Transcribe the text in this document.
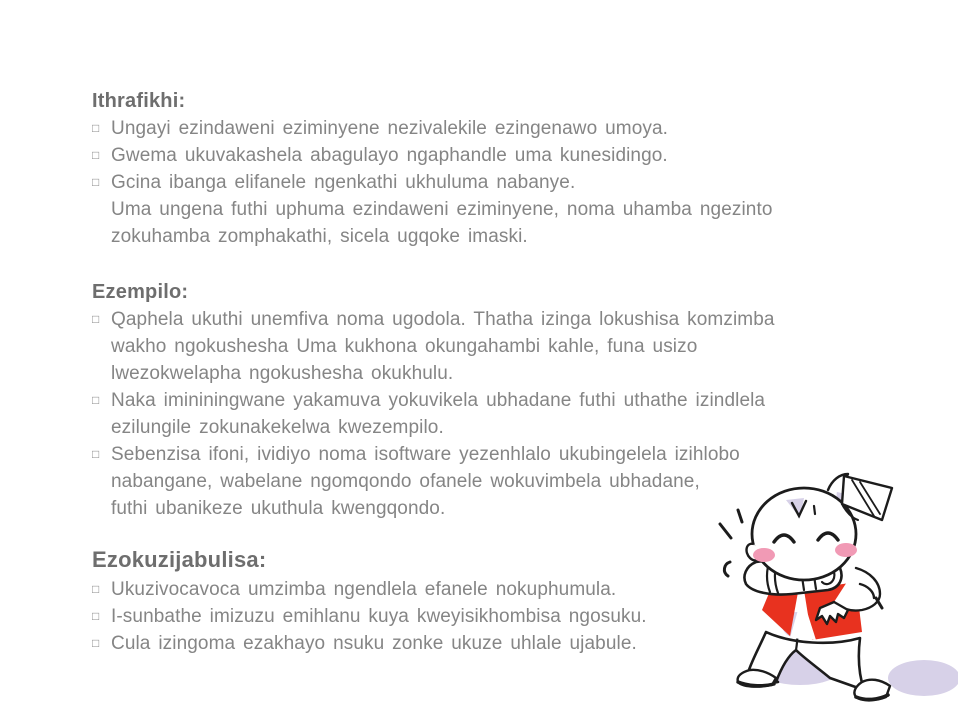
Ithrafikhi:
□ Ungayi ezindaweni eziminyene nezivalekile ezingenawo umoya.
□ Gwema ukuvakashela abagulayo ngaphandle uma kunesidingo.
□ Gcina ibanga elifanele ngenkathi ukhuluma nabanye.
Uma ungena futhi uphuma ezindaweni eziminyene, noma uhamba ngezinto
zokuhamba zomphakathi, sicela ugqoke imaski.
Ezempilo:
□ Qaphela ukuthi unemfiva noma ugodola. Thatha izinga lokushisa komzimba
wakho ngokushesha Uma kukhona okungahambi kahle, funa usizo
lwezokwelapha ngokushesha okukhulu.
□ Naka imininingwane yakamuva yokuvikela ubhadane futhi uthathe izindlela
ezilungile zokunakekelwa kwezempilo.
□ Sebenzisa ifoni, ividiyo noma isoftware yezenhlalo ukubingelela izihlobo
nabangane, wabelane ngomqondo ofanele wokuvimbela ubhadane,
futhi ubanikeze ukuthula kwengqondo.
Ezokuzijabulisa:
□ Ukuzivocavoca umzimba ngendlela efanele nokuphumula.
□ I-sunbathe imizuzu emihlanu kuya kweyisikhombisa ngosuku.
□ Cula izingoma ezakhayo nsuku zonke ukuze uhlale ujabule.
